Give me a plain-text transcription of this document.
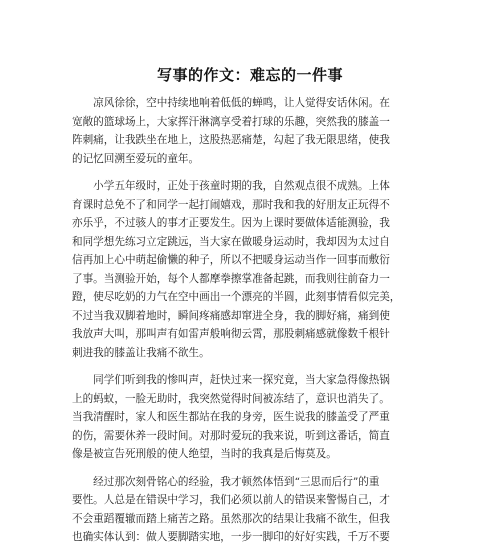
写事的作文：难忘的一件事

　　凉风徐徐，空中持续地响着低低的蝉鸣，让人觉得安话休闲。在
宽敞的篮球场上，大家挥汗淋漓享受着打球的乐趣，突然我的膝盖一
阵刺痛，让我跌坐在地上，这股热恶痛楚，勾起了我无限思绪，使我
的记忆回溯至爱玩的童年。

　　小学五年级时，正处于孩童时期的我，自然观点很不成熟。上体
育课时总免不了和同学一起打闹嬉戏，那时我和我的好朋友正玩得不
亦乐乎，不过骇人的事才正要发生。因为上课时要做体适能测验，我
和同学想先练习立定跳远，当大家在做暖身运动时，我却因为太过自
信再加上心中萌起偷懒的种子，所以不把暖身运动当作一回事而敷衍
了事。当测验开始，每个人都摩拳擦掌准备起跳，而我则往前奋力一
蹬，使尽吃奶的力气在空中画出一个漂亮的半圆，此刻事情看似完美，
不过当我双脚着地时，瞬间疼痛感却窜进全身，我的脚好痛，痛到使
我放声大叫，那叫声有如雷声般响彻云霄，那股刺痛感就像数千根针
刺进我的膝盖让我痛不欲生。

　　同学们听到我的惨叫声，赶快过来一探究竟，当大家急得像热锅
上的蚂蚁，一脸无助时，我突然觉得时间被冻结了，意识也消失了。
当我清醒时，家人和医生都站在我的身旁，医生说我的膝盖受了严重
的伤，需要休养一段时间。对那时爱玩的我来说，听到这番话，简直
像是被宣告死刑般的使人绝望，当时的我真是后悔莫及。

　　经过那次刻骨铭心的经验，我才顿然体悟到“三思而后行”的重
要性。人总是在错误中学习，我们必须以前人的错误来警惕自己，才
不会重蹈覆辙而踏上痛苦之路。虽然那次的结果让我痛不欲生，但我
也确实体认到：做人要脚踏实地，一步一脚印的好好实践，千万不要
